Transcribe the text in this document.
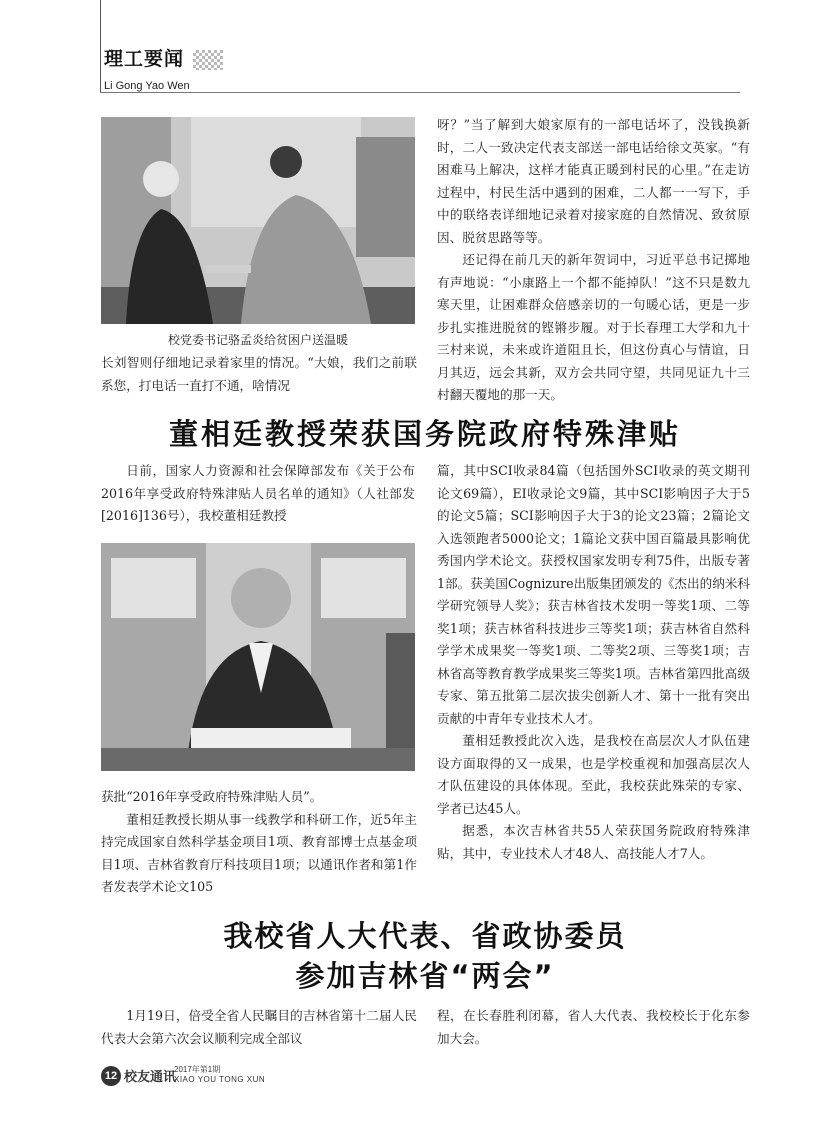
理工要闻
Li Gong Yao Wen
校党委书记骆孟炎给贫困户送温暖

长刘智则仔细地记录着家里的情况。“大娘，我们之前联系您，打电话一直打不通，啥情况

呀？”当了解到大娘家原有的一部电话坏了，没钱换新时，二人一致决定代表支部送一部电话给徐文英家。“有困难马上解决，这样才能真正暖到村民的心里。”在走访过程中，村民生活中遇到的困难，二人都一一写下，手中的联络表详细地记录着对接家庭的自然情况、致贫原因、脱贫思路等等。

还记得在前几天的新年贺词中，习近平总书记掷地有声地说：“小康路上一个都不能掉队！”这不只是数九寒天里，让困难群众倍感亲切的一句暖心话，更是一步步扎实推进脱贫的铿锵步履。对于长春理工大学和九十三村来说，未来或许道阻且长，但这份真心与情谊，日月其迈，远会其新，双方会共同守望，共同见证九十三村翻天覆地的那一天。

董相廷教授荣获国务院政府特殊津贴

日前，国家人力资源和社会保障部发布《关于公布2016年享受政府特殊津贴人员名单的通知》（人社部发[2016]136号），我校董相廷教授

获批“2016年享受政府特殊津贴人员”。

董相廷教授长期从事一线教学和科研工作，近5年主持完成国家自然科学基金项目1项、教育部博士点基金项目1项、吉林省教育厅科技项目1项；以通讯作者和第1作者发表学术论文105

篇，其中SCI收录84篇（包括国外SCI收录的英文期刊论文69篇），EI收录论文9篇，其中SCI影响因子大于5的论文5篇；SCI影响因子大于3的论文23篇；2篇论文入选领跑者5000论文；1篇论文获中国百篇最具影响优秀国内学术论文。获授权国家发明专利75件，出版专著1部。获美国Cognizure出版集团颁发的《杰出的纳米科学研究领导人奖》；获吉林省技术发明一等奖1项、二等奖1项；获吉林省科技进步三等奖1项；获吉林省自然科学学术成果奖一等奖1项、二等奖2项、三等奖1项；吉林省高等教育教学成果奖三等奖1项。吉林省第四批高级专家、第五批第二层次拔尖创新人才、第十一批有突出贡献的中青年专业技术人才。

董相廷教授此次入选，是我校在高层次人才队伍建设方面取得的又一成果，也是学校重视和加强高层次人才队伍建设的具体体现。至此，我校获此殊荣的专家、学者已达45人。

据悉，本次吉林省共55人荣获国务院政府特殊津贴，其中，专业技术人才48人、高技能人才7人。

我校省人大代表、省政协委员
参加吉林省“两会”

1月19日，倍受全省人民瞩目的吉林省第十二届人民代表大会第六次会议顺利完成全部议

程，在长春胜利闭幕，省人大代表、我校校长于化东参加大会。

12 校友通讯
2017年第1期
XIAO YOU TONG XUN
